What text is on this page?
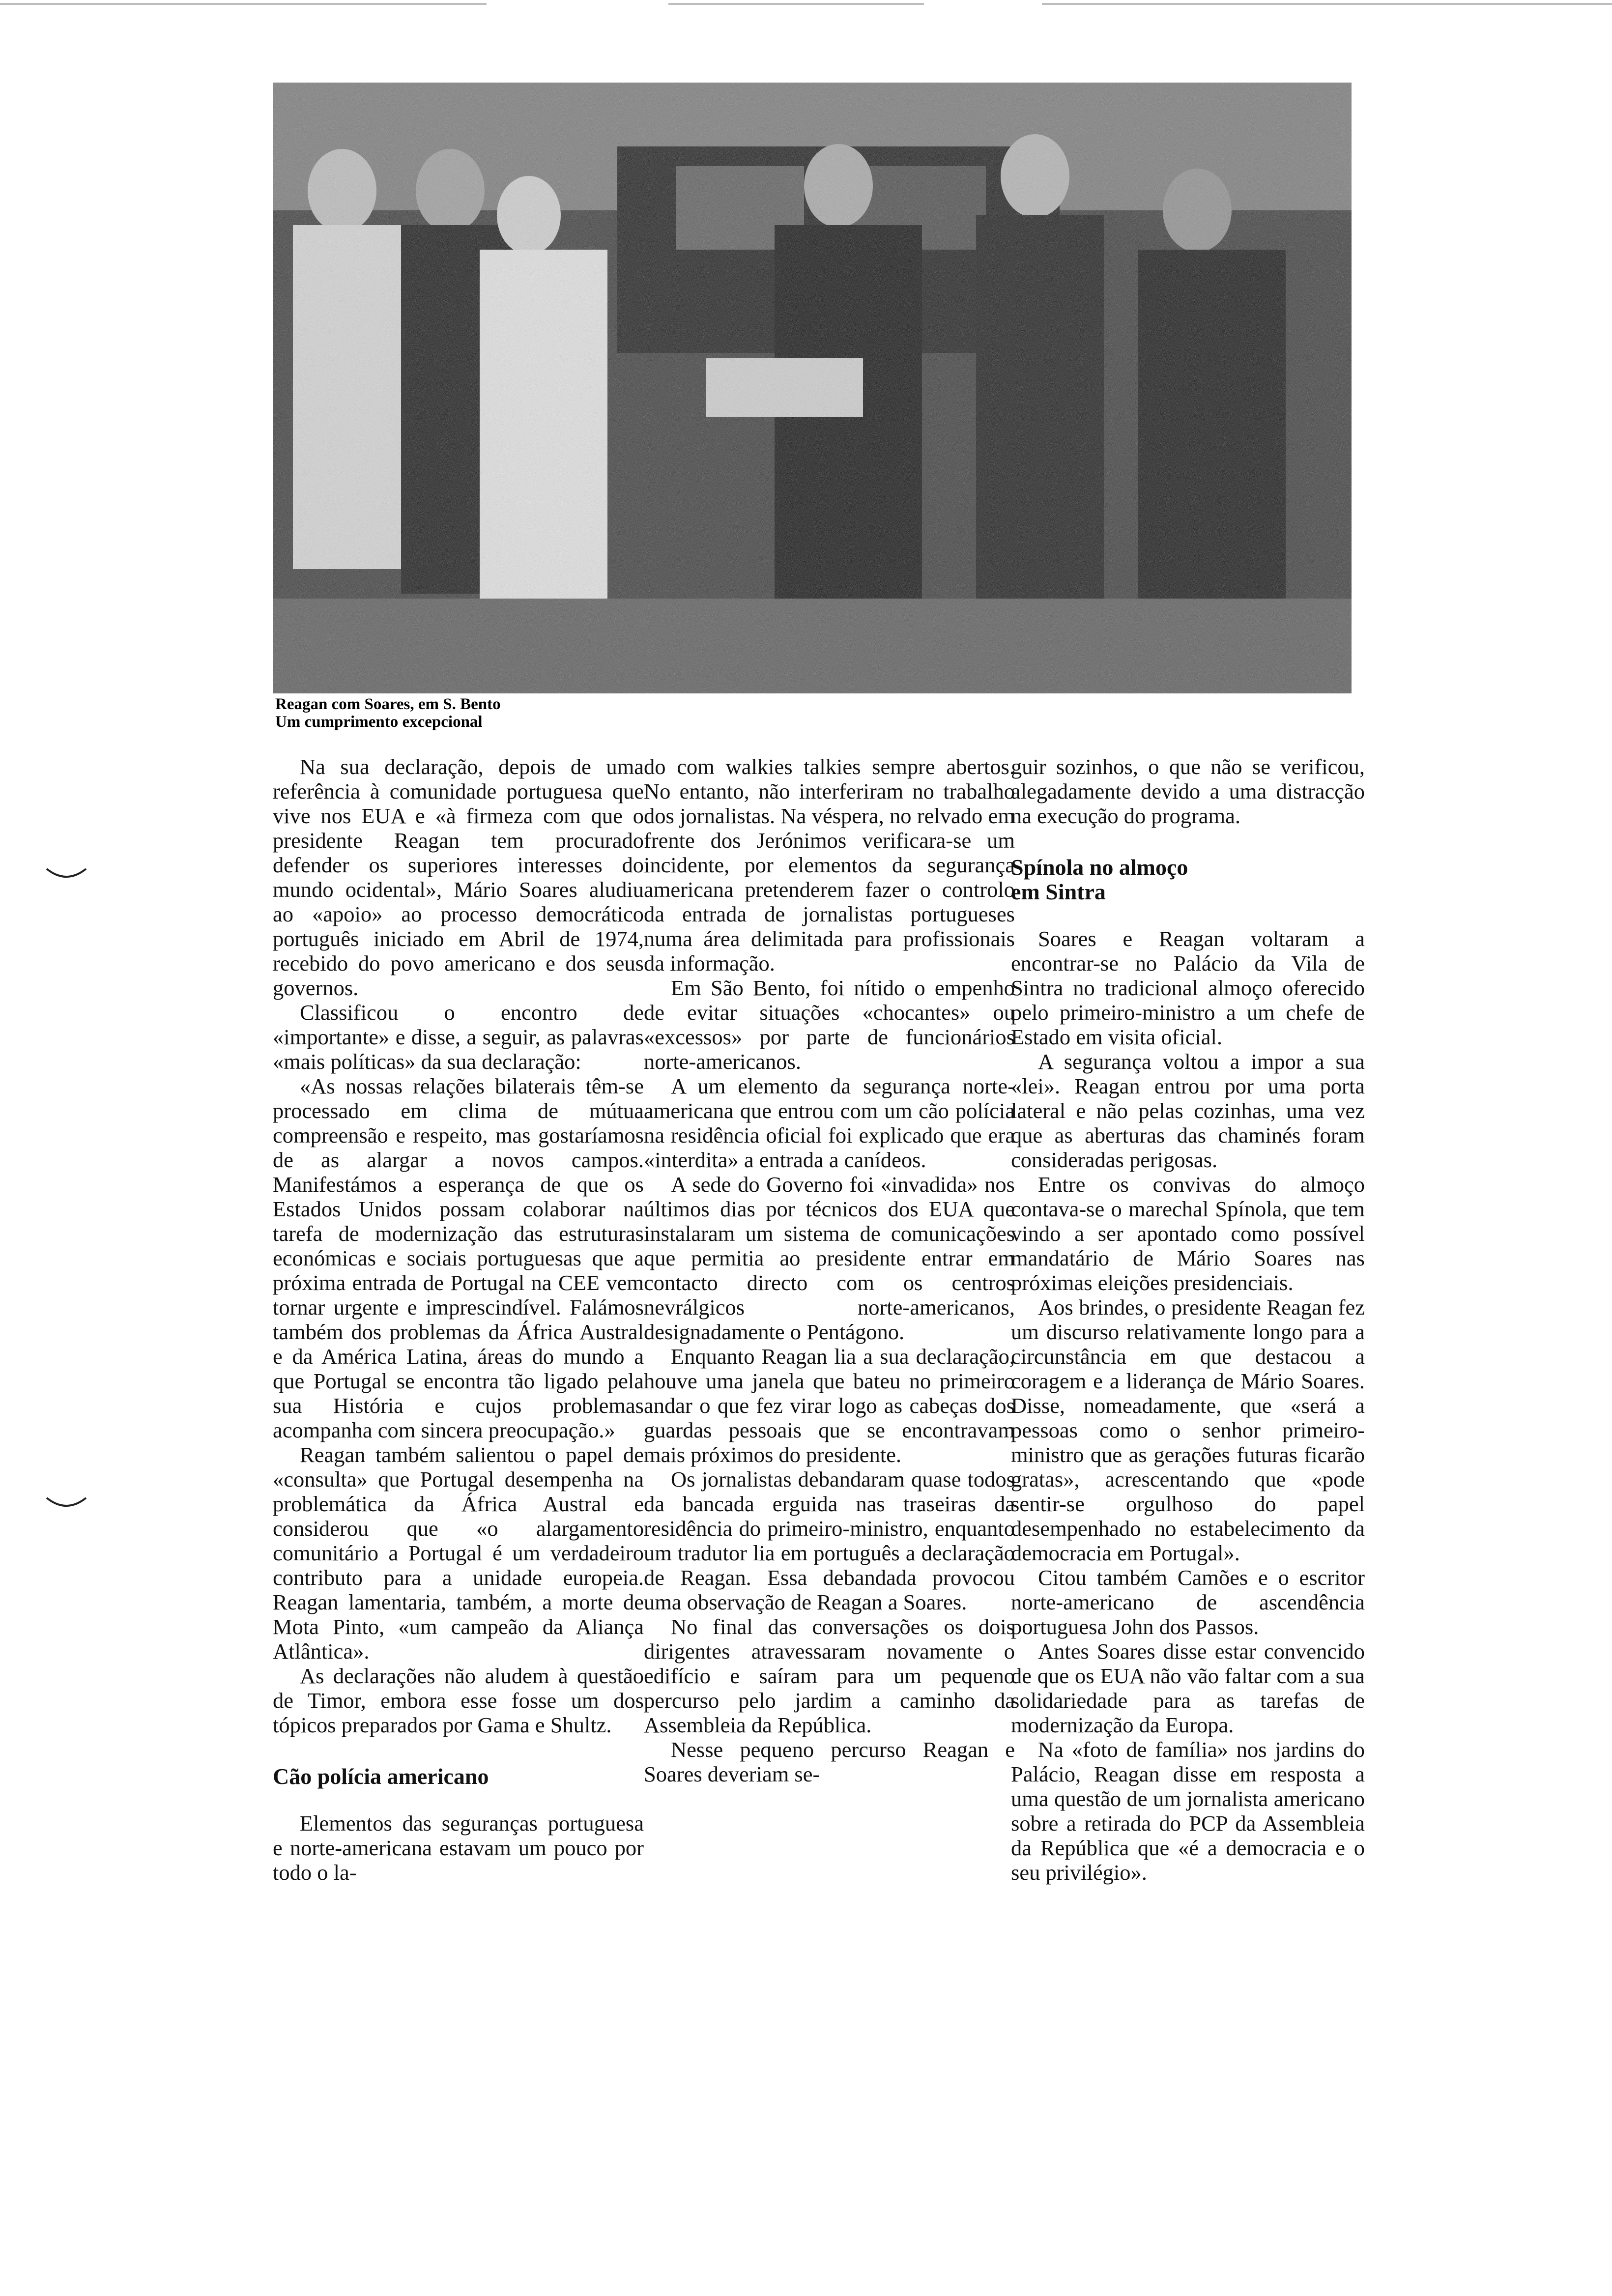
Reagan com Soares, em S. Bento
Um cumprimento excepcional

Na sua declaração, depois de uma referência à comunidade portuguesa que vive nos EUA e «à firmeza com que o presidente Reagan tem procurado defender os superiores interesses do mundo ocidental», Mário Soares aludiu ao «apoio» ao processo democrático português iniciado em Abril de 1974, recebido do povo americano e dos seus governos.

Classificou o encontro de «importante» e disse, a seguir, as palavras «mais políticas» da sua declaração:

«As nossas relações bilaterais têm-se processado em clima de mútua compreensão e respeito, mas gostaríamos de as alargar a novos campos. Manifestámos a esperança de que os Estados Unidos possam colaborar na tarefa de modernização das estruturas económicas e sociais portuguesas que a próxima entrada de Portugal na CEE vem tornar urgente e imprescindível. Falámos também dos problemas da África Austral e da América Latina, áreas do mundo a que Portugal se encontra tão ligado pela sua História e cujos problemas acompanha com sincera preocupação.»

Reagan também salientou o papel de «consulta» que Portugal desempenha na problemática da África Austral e considerou que «o alargamento comunitário a Portugal é um verdadeiro contributo para a unidade europeia. Reagan lamentaria, também, a morte de Mota Pinto, «um campeão da Aliança Atlântica».

As declarações não aludem à questão de Timor, embora esse fosse um dos tópicos preparados por Gama e Shultz.

Cão polícia americano

Elementos das seguranças portuguesa e norte-americana estavam um pouco por todo o la-

do com walkies talkies sempre abertos. No entanto, não interferiram no trabalho dos jornalistas. Na véspera, no relvado em frente dos Jerónimos verificara-se um incidente, por elementos da segurança americana pretenderem fazer o controlo da entrada de jornalistas portugueses numa área delimitada para profissionais da informação.

Em São Bento, foi nítido o empenho de evitar situações «chocantes» ou «excessos» por parte de funcionários norte-americanos.

A um elemento da segurança norte-americana que entrou com um cão polícia na residência oficial foi explicado que era «interdita» a entrada a canídeos.

A sede do Governo foi «invadida» nos últimos dias por técnicos dos EUA que instalaram um sistema de comunicações que permitia ao presidente entrar em contacto directo com os centros nevrálgicos norte-americanos, designadamente o Pentágono.

Enquanto Reagan lia a sua declaração, houve uma janela que bateu no primeiro andar o que fez virar logo as cabeças dos guardas pessoais que se encontravam mais próximos do presidente.

Os jornalistas debandaram quase todos da bancada erguida nas traseiras da residência do primeiro-ministro, enquanto um tradutor lia em português a declaração de Reagan. Essa debandada provocou uma observação de Reagan a Soares.

No final das conversações os dois dirigentes atravessaram novamente o edifício e saíram para um pequeno percurso pelo jardim a caminho da Assembleia da República.

Nesse pequeno percurso Reagan e Soares deveriam se-

guir sozinhos, o que não se verificou, alegadamente devido a uma distracção na execução do programa.

Spínola no almoço
em Sintra

Soares e Reagan voltaram a encontrar-se no Palácio da Vila de Sintra no tradicional almoço oferecido pelo primeiro-ministro a um chefe de Estado em visita oficial.

A segurança voltou a impor a sua «lei». Reagan entrou por uma porta lateral e não pelas cozinhas, uma vez que as aberturas das chaminés foram consideradas perigosas.

Entre os convivas do almoço contava-se o marechal Spínola, que tem vindo a ser apontado como possível mandatário de Mário Soares nas próximas eleições presidenciais.

Aos brindes, o presidente Reagan fez um discurso relativamente longo para a circunstância em que destacou a coragem e a liderança de Mário Soares. Disse, nomeadamente, que «será a pessoas como o senhor primeiro-ministro que as gerações futuras ficarão gratas», acrescentando que «pode sentir-se orgulhoso do papel desempenhado no estabelecimento da democracia em Portugal».

Citou também Camões e o escritor norte-americano de ascendência portuguesa John dos Passos.

Antes Soares disse estar convencido de que os EUA não vão faltar com a sua solidariedade para as tarefas de modernização da Europa.

Na «foto de família» nos jardins do Palácio, Reagan disse em resposta a uma questão de um jornalista americano sobre a retirada do PCP da Assembleia da República que «é a democracia e o seu privilégio».
